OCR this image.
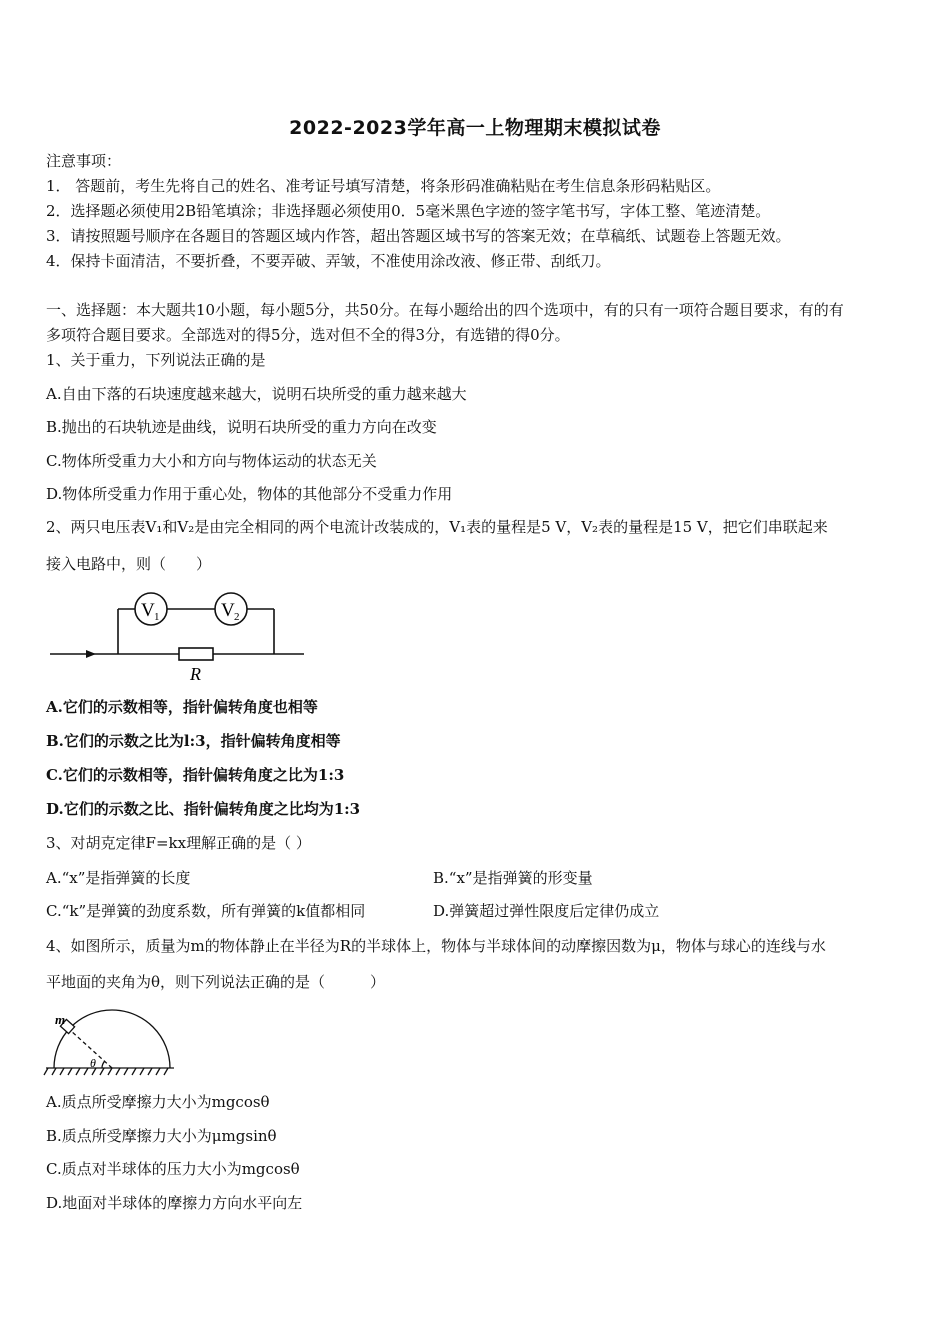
2022-2023学年高一上物理期末模拟试卷
注意事项：
1． 答题前，考生先将自己的姓名、准考证号填写清楚，将条形码准确粘贴在考生信息条形码粘贴区。
2．选择题必须使用2B铅笔填涂；非选择题必须使用0．5毫米黑色字迹的签字笔书写，字体工整、笔迹清楚。
3．请按照题号顺序在各题目的答题区域内作答，超出答题区域书写的答案无效；在草稿纸、试题卷上答题无效。
4．保持卡面清洁，不要折叠，不要弄破、弄皱，不准使用涂改液、修正带、刮纸刀。
一、选择题：本大题共10小题，每小题5分，共50分。在每小题给出的四个选项中，有的只有一项符合题目要求，有的有
多项符合题目要求。全部选对的得5分，选对但不全的得3分，有选错的得0分。
1、关于重力，下列说法正确的是
A.自由下落的石块速度越来越大，说明石块所受的重力越来越大
B.抛出的石块轨迹是曲线，说明石块所受的重力方向在改变
C.物体所受重力大小和方向与物体运动的状态无关
D.物体所受重力作用于重心处，物体的其他部分不受重力作用
2、两只电压表V₁和V₂是由完全相同的两个电流计改装成的，V₁表的量程是5 V，V₂表的量程是15 V，把它们串联起来
接入电路中，则（　　）
V 1	V 2
R
A.它们的示数相等，指针偏转角度也相等
B.它们的示数之比为l:3，指针偏转角度相等
C.它们的示数相等，指针偏转角度之比为1:3
D.它们的示数之比、指针偏转角度之比均为1:3
3、对胡克定律F=kx理解正确的是（ ）
A.“x”是指弹簧的长度	B.“x”是指弹簧的形变量
C.“k”是弹簧的劲度系数，所有弹簧的k值都相同	D.弹簧超过弹性限度后定律仍成立
4、如图所示，质量为m的物体静止在半径为R的半球体上，物体与半球体间的动摩擦因数为μ，物体与球心的连线与水
平地面的夹角为θ，则下列说法正确的是（　　　）
m
θ
A.质点所受摩擦力大小为mgcosθ
B.质点所受摩擦力大小为μmgsinθ
C.质点对半球体的压力大小为mgcosθ
D.地面对半球体的摩擦力方向水平向左
